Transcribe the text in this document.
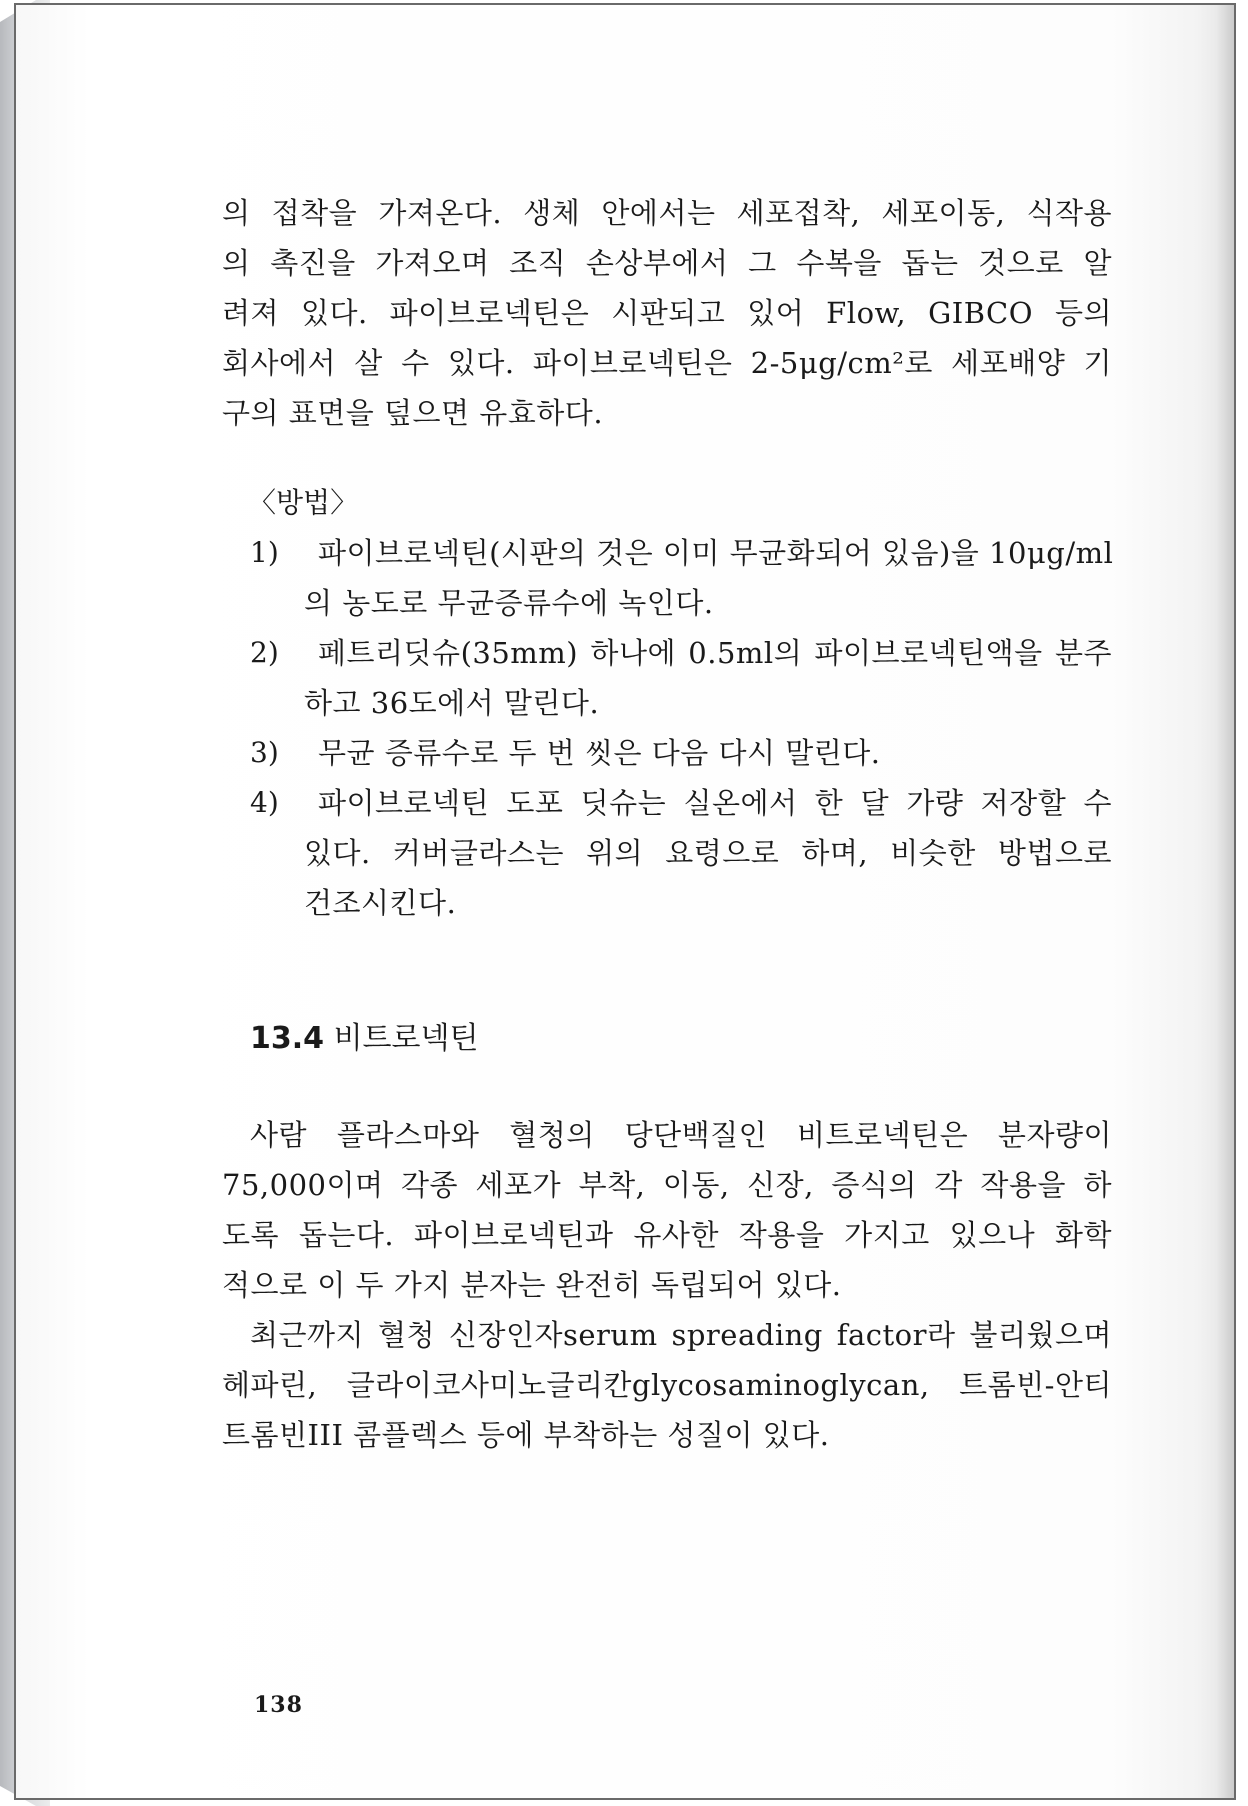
의 접착을 가져온다. 생체 안에서는 세포접착, 세포이동, 식작용

의 촉진을 가져오며 조직 손상부에서 그 수복을 돕는 것으로 알

려져 있다. 파이브로넥틴은 시판되고 있어 Flow, GIBCO 등의

회사에서 살 수 있다. 파이브로넥틴은 2-5μg/cm²로 세포배양 기

구의 표면을 덮으면 유효하다.

〈방법〉

1)	파이브로넥틴(시판의 것은 이미 무균화되어 있음)을 10μg/ml

의 농도로 무균증류수에 녹인다.

2)	페트리딧슈(35mm) 하나에 0.5ml의 파이브로넥틴액을 분주

하고 36도에서 말린다.

3)	무균 증류수로 두 번 씻은 다음 다시 말린다.

4)	파이브로넥틴 도포 딧슈는 실온에서 한 달 가량 저장할 수

있다. 커버글라스는 위의 요령으로 하며, 비슷한 방법으로

건조시킨다.

13.4 비트로넥틴

사람 플라스마와 혈청의 당단백질인 비트로넥틴은 분자량이

75,000이며 각종 세포가 부착, 이동, 신장, 증식의 각 작용을 하

도록 돕는다. 파이브로넥틴과 유사한 작용을 가지고 있으나 화학

적으로 이 두 가지 분자는 완전히 독립되어 있다.

최근까지 혈청 신장인자serum spreading factor라 불리웠으며

헤파린, 글라이코사미노글리칸glycosaminoglycan, 트롬빈-안티

트롬빈III 콤플렉스 등에 부착하는 성질이 있다.

138
